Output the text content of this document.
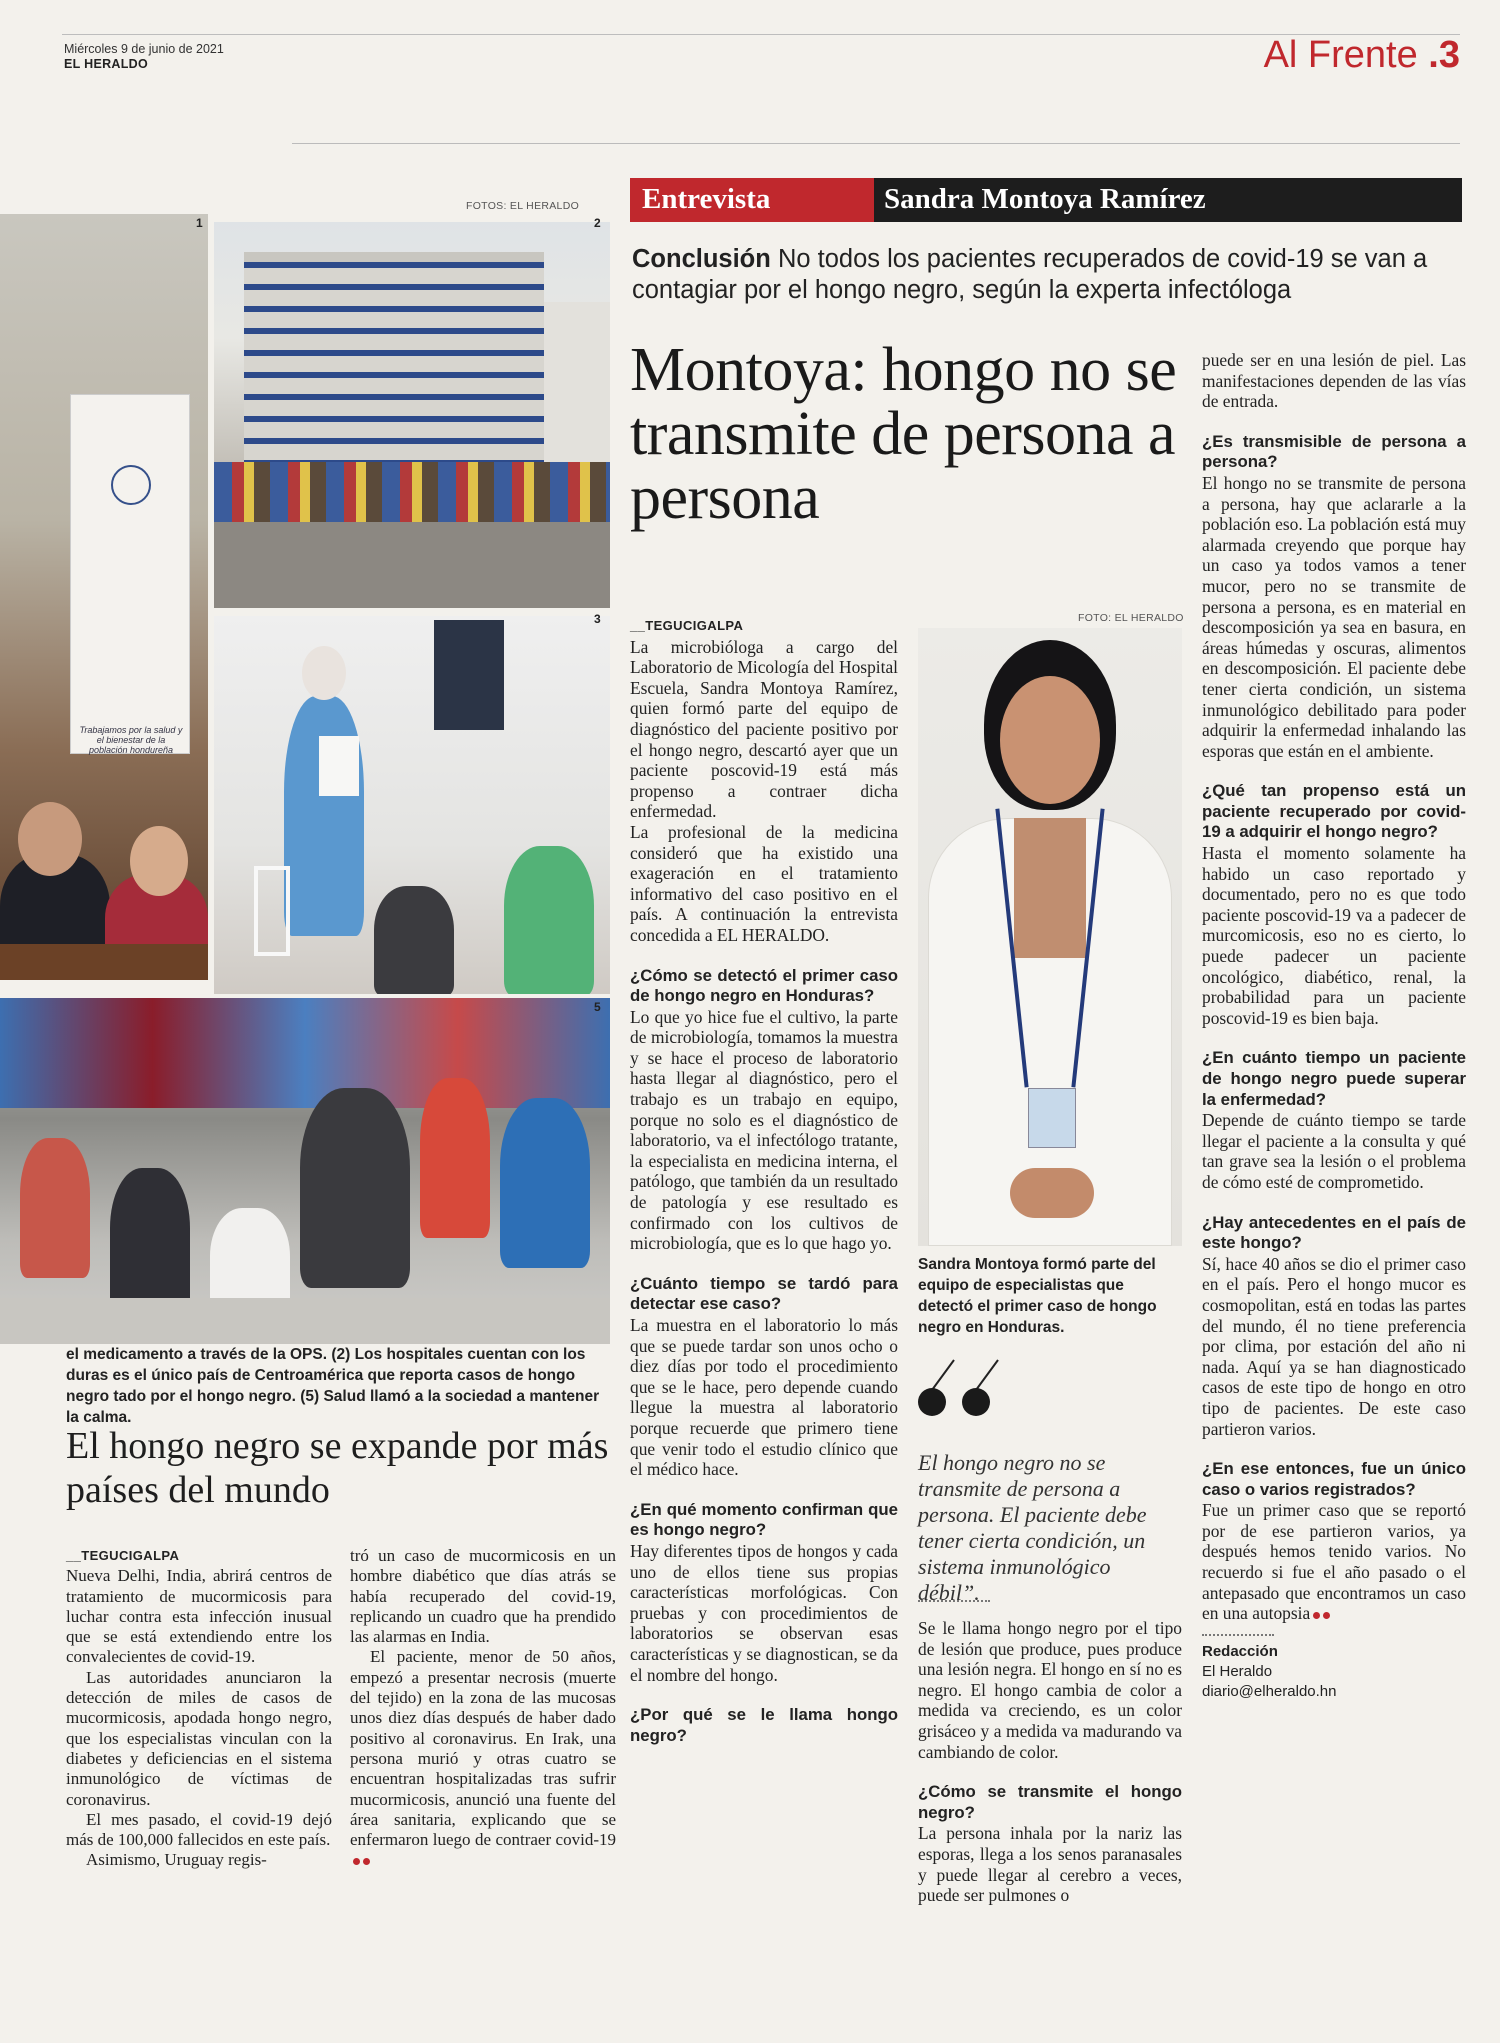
Miércoles 9 de junio de 2021
EL HERALDO	Al Frente .3
FOTOS: EL HERALDO
Trabajamos por la salud y el bienestar de la población hondureña
1	2
3
5
el medicamento a través de la OPS. (2) Los hospitales cuentan con los duras es el único país de Centroamérica que reporta casos de hongo negro tado por el hongo negro. (5) Salud llamó a la sociedad a mantener la calma.
El hongo negro se expande por más países del mundo
__TEGUCIGALPA

Nueva Delhi, India, abrirá centros de tratamiento de mucormicosis para luchar contra esta infección inusual que se está extendiendo entre los convalecientes de covid-19.

Las autoridades anunciaron la detección de miles de casos de mucormicosis, apodada hongo negro, que los especialistas vinculan con la diabetes y deficiencias en el sistema inmunológico de víctimas de coronavirus.

El mes pasado, el covid-19 dejó más de 100,000 fallecidos en este país.

Asimismo, Uruguay regis-

tró un caso de mucormicosis en un hombre diabético que días atrás se había recuperado del covid-19, replicando un cuadro que ha prendido las alarmas en India.

El paciente, menor de 50 años, empezó a presentar necrosis (muerte del tejido) en la zona de las mucosas unos diez días después de haber dado positivo al coronavirus. En Irak, una persona murió y otras cuatro se encuentran hospitalizadas tras sufrir mucormicosis, anunció una fuente del área sanitaria, explicando que se enfermaron luego de contraer covid-19

Entrevista	Sandra Montoya Ramírez
Conclusión No todos los pacientes recuperados de covid-19 se van a contagiar por el hongo negro, según la experta infectóloga
Montoya: hongo no se transmite de persona a persona
__TEGUCIGALPA

La microbióloga a cargo del Laboratorio de Micología del Hospital Escuela, Sandra Montoya Ramírez, quien formó parte del equipo de diagnóstico del paciente positivo por el hongo negro, descartó ayer que un paciente poscovid-19 está más propenso a contraer dicha enfermedad.

La profesional de la medicina consideró que ha existido una exageración en el tratamiento informativo del caso positivo en el país. A continuación la entrevista concedida a EL HERALDO.

¿Cómo se detectó el primer caso de hongo negro en Honduras?

Lo que yo hice fue el cultivo, la parte de microbiología, tomamos la muestra y se hace el proceso de laboratorio hasta llegar al diagnóstico, pero el trabajo es un trabajo en equipo, porque no solo es el diagnóstico de laboratorio, va el infectólogo tratante, la especialista en medicina interna, el patólogo, que también da un resultado de patología y ese resultado es confirmado con los cultivos de microbiología, que es lo que hago yo.

¿Cuánto tiempo se tardó para detectar ese caso?

La muestra en el laboratorio lo más que se puede tardar son unos ocho o diez días por todo el procedimiento que se le hace, pero depende cuando llegue la muestra al laboratorio porque recuerde que primero tiene que venir todo el estudio clínico que el médico hace.

¿En qué momento confirman que es hongo negro?

Hay diferentes tipos de hongos y cada uno de ellos tiene sus propias características morfológicas. Con pruebas y con procedimientos de laboratorios se observan esas características y se diagnostican, se da el nombre del hongo.

¿Por qué se le llama hongo negro?
FOTO: EL HERALDO
Sandra Montoya formó parte del equipo de especialistas que detectó el primer caso de hongo negro en Honduras.
El hongo negro no se transmite de persona a persona. El paciente debe tener cierta condición, un sistema inmunológico débil”.

Se le llama hongo negro por el tipo de lesión que produce, pues produce una lesión negra. El hongo en sí no es negro. El hongo cambia de color a medida va creciendo, es un color grisáceo y a medida va madurando va cambiando de color.

¿Cómo se transmite el hongo negro?

La persona inhala por la nariz las esporas, llega a los senos paranasales y puede llegar al cerebro a veces, puede ser pulmones o

puede ser en una lesión de piel. Las manifestaciones dependen de las vías de entrada.

¿Es transmisible de persona a persona?

El hongo no se transmite de persona a persona, hay que aclararle a la población eso. La población está muy alarmada creyendo que porque hay un caso ya todos vamos a tener mucor, pero no se transmite de persona a persona, es en material en descomposición ya sea en basura, en áreas húmedas y oscuras, alimentos en descomposición. El paciente debe tener cierta condición, un sistema inmunológico debilitado para poder adquirir la enfermedad inhalando las esporas que están en el ambiente.

¿Qué tan propenso está un paciente recuperado por covid-19 a adquirir el hongo negro?

Hasta el momento solamente ha habido un caso reportado y documentado, pero no es que todo paciente poscovid-19 va a padecer de murcomicosis, eso no es cierto, lo puede padecer un paciente oncológico, diabético, renal, la probabilidad para un paciente poscovid-19 es bien baja.

¿En cuánto tiempo un paciente de hongo negro puede superar la enfermedad?

Depende de cuánto tiempo se tarde llegar el paciente a la consulta y qué tan grave sea la lesión o el problema de cómo esté de comprometido.

¿Hay antecedentes en el país de este hongo?

Sí, hace 40 años se dio el primer caso en el país. Pero el hongo mucor es cosmopolitan, está en todas las partes del mundo, él no tiene preferencia por clima, por estación del año ni nada. Aquí ya se han diagnosticado casos de este tipo de hongo en otro tipo de pacientes. De este caso partieron varios.

¿En ese entonces, fue un único caso o varios registrados?

Fue un primer caso que se reportó por de ese partieron varios, ya después hemos tenido varios. No recuerdo si fue el año pasado o el antepasado que encontramos un caso en una autopsia

Redacción
El Heraldo
diario@elheraldo.hn
